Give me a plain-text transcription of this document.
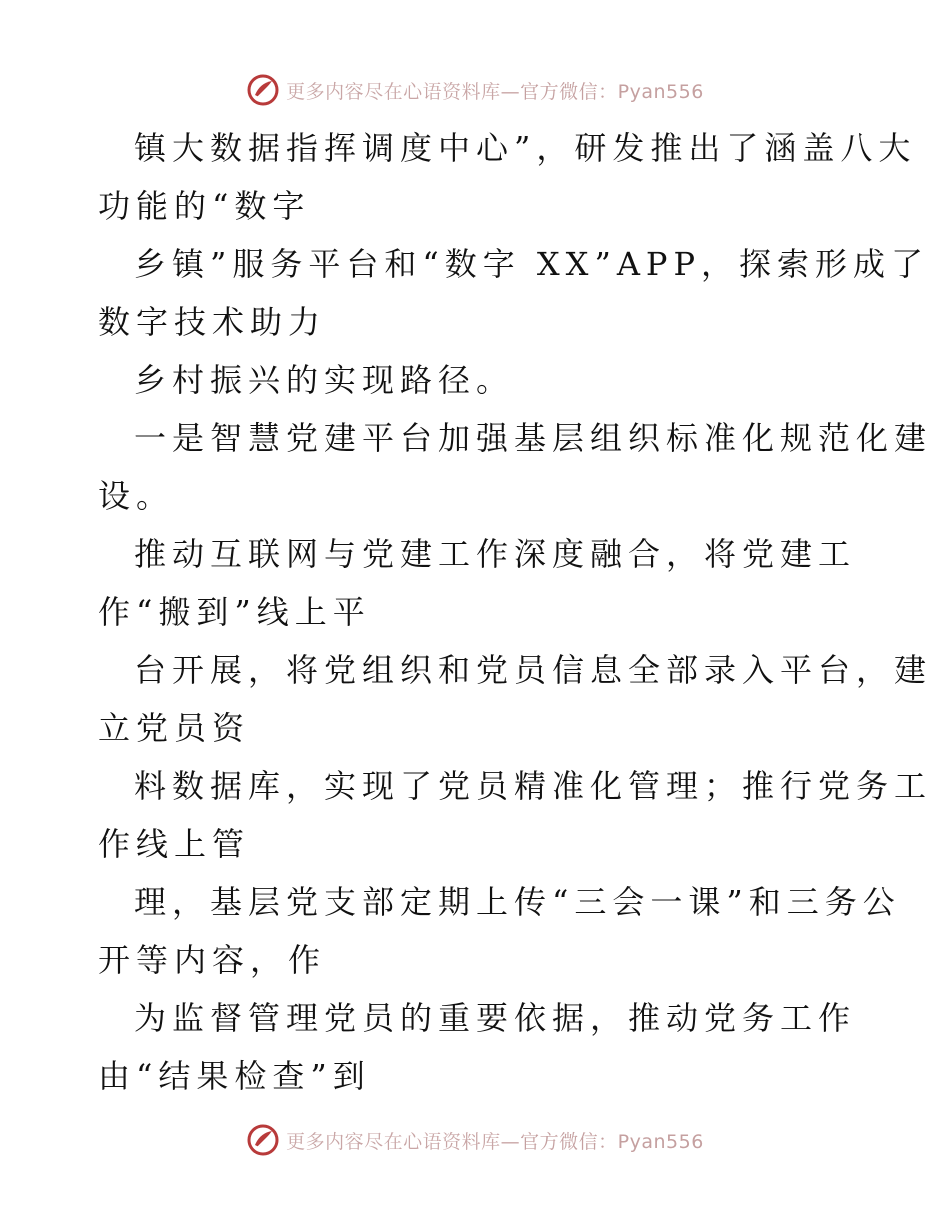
更多内容尽在心语资料库—官方微信：Pyan556
镇大数据指挥调度中心”，研发推出了涵盖八大
功能的“数字
乡镇”服务平台和“数字 XX”APP，探索形成了
数字技术助力
乡村振兴的实现路径。
一是智慧党建平台加强基层组织标准化规范化建
设。
推动互联网与党建工作深度融合，将党建工
作“搬到”线上平
台开展，将党组织和党员信息全部录入平台，建
立党员资
料数据库，实现了党员精准化管理；推行党务工
作线上管
理，基层党支部定期上传“三会一课”和三务公
开等内容，作
为监督管理党员的重要依据，推动党务工作
由“结果检查”到
更多内容尽在心语资料库—官方微信：Pyan556
